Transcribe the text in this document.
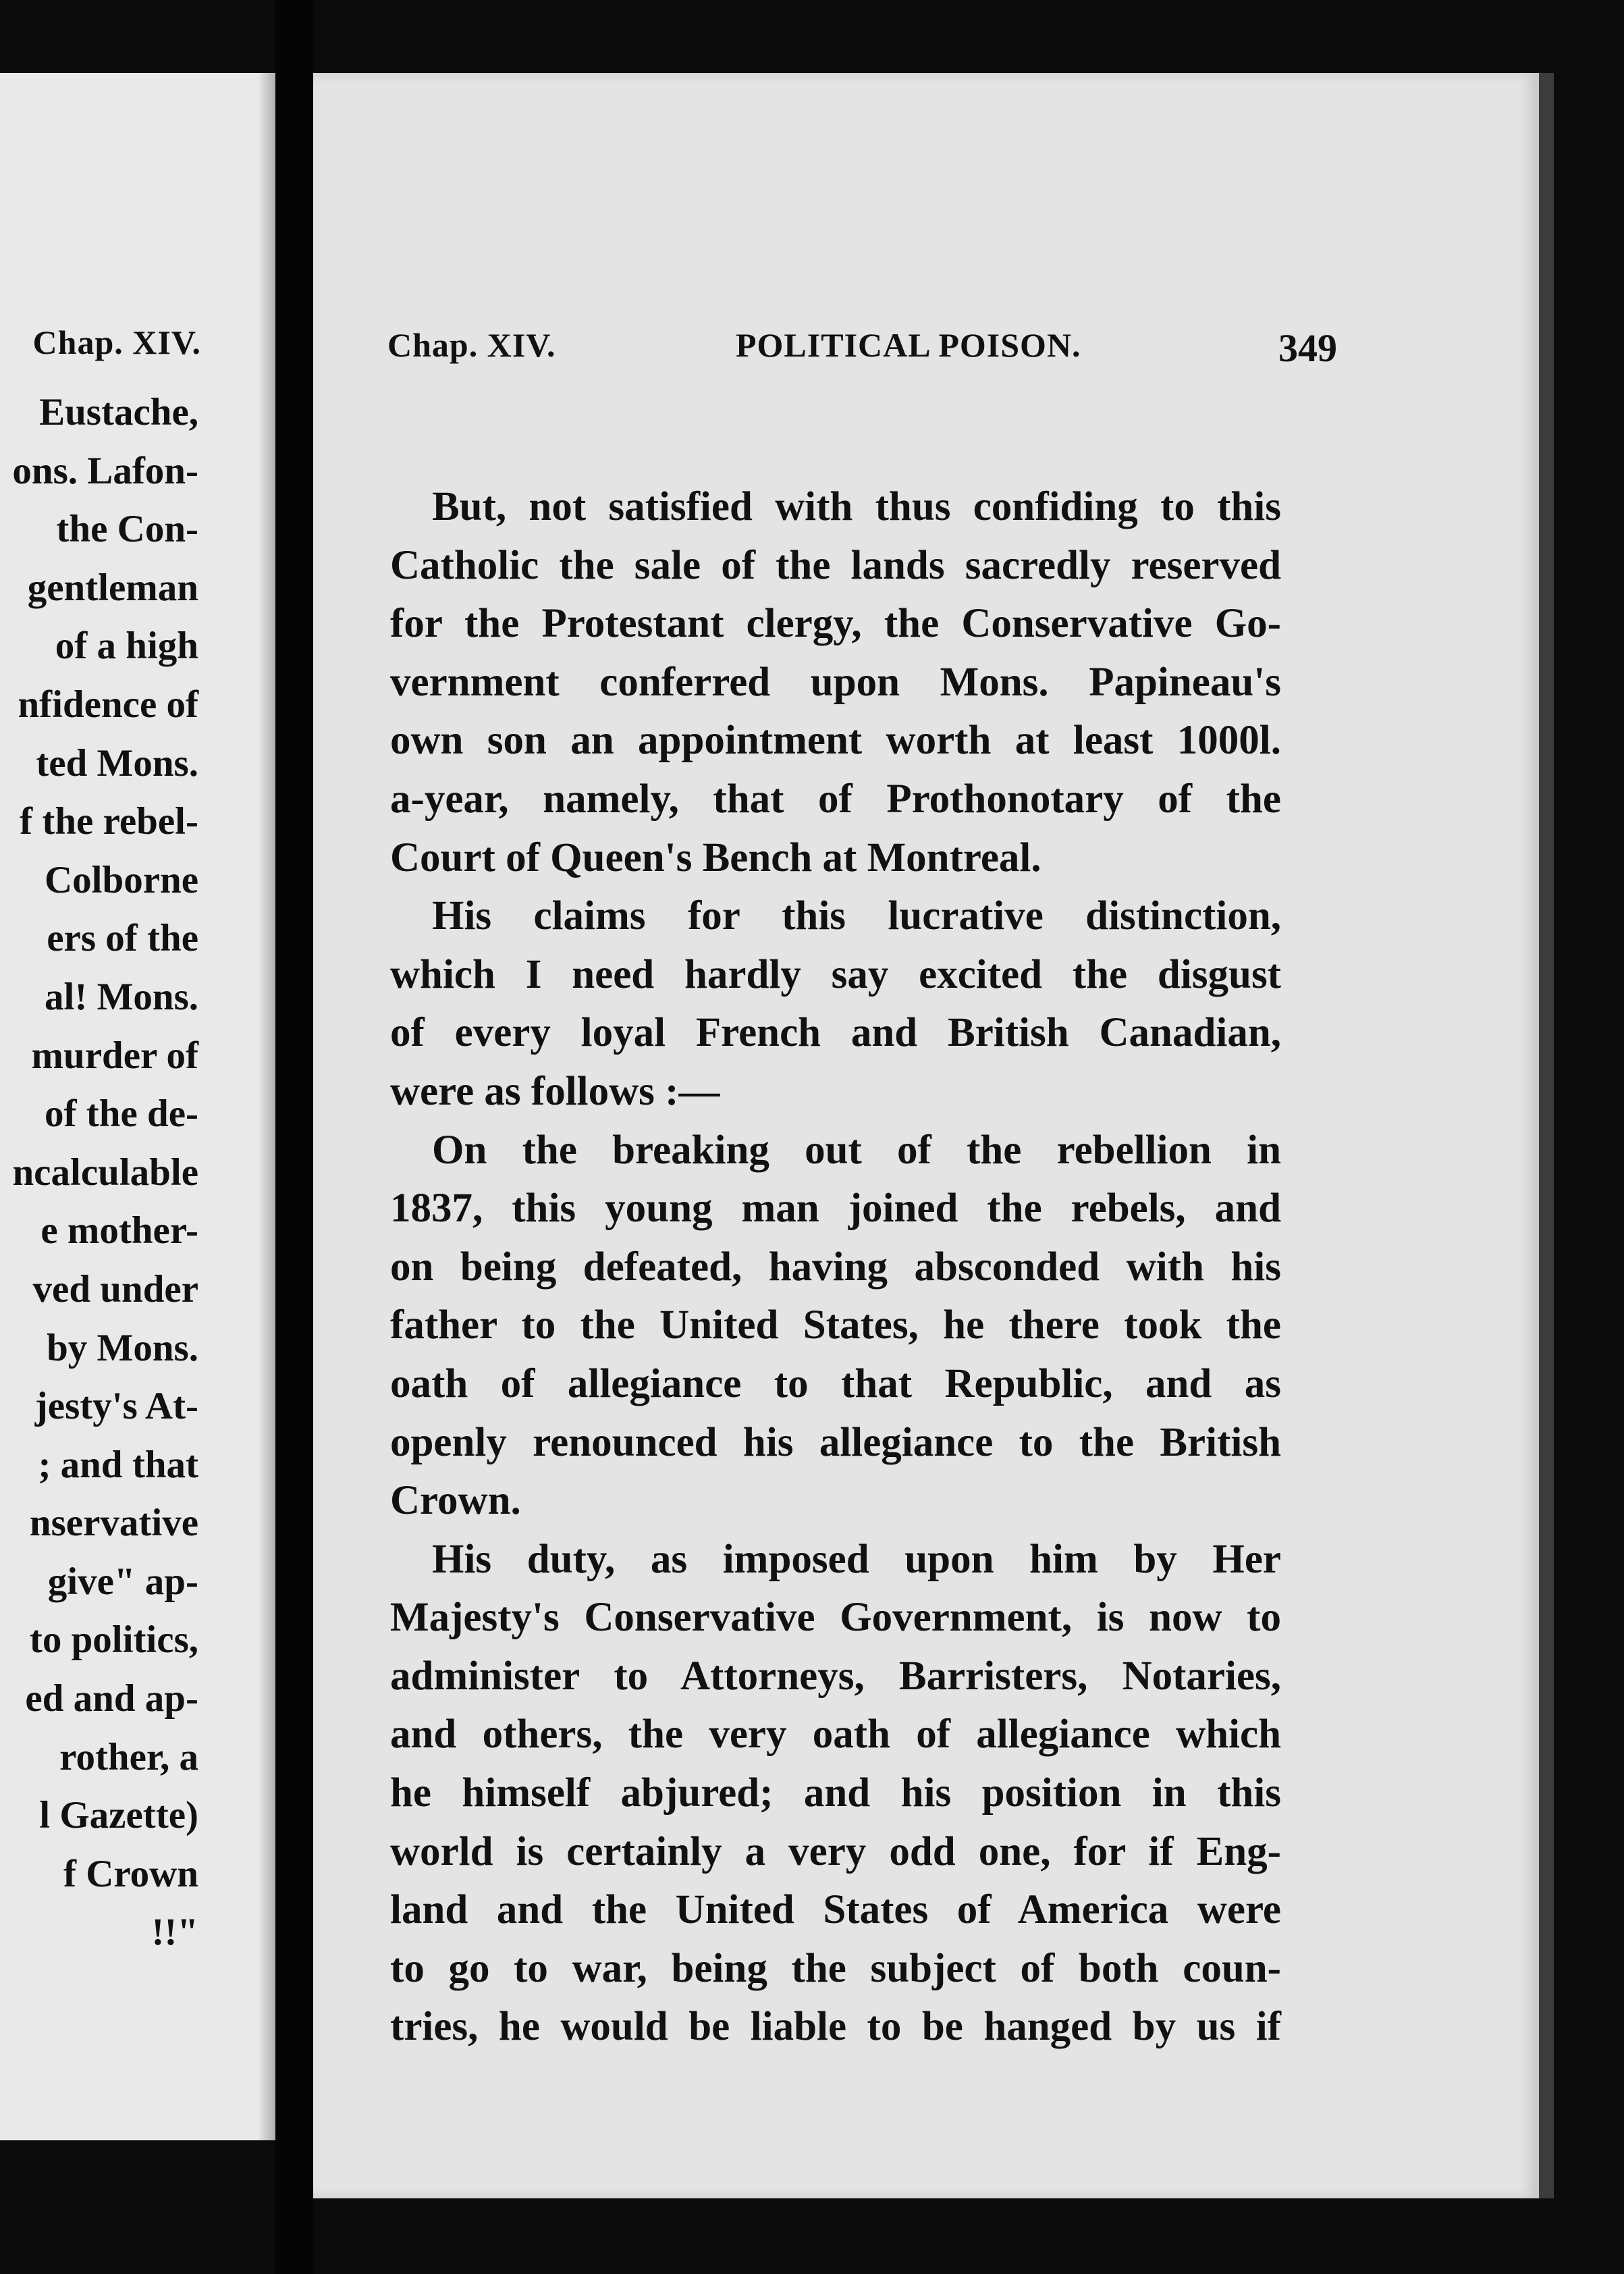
Chap. XIV.
Eustache,
ons. Lafon-
the Con-
gentleman
of a high
nfidence of
ted Mons.
f the rebel-
Colborne
ers of the
al! Mons.
murder of
of the de-
ncalculable
e mother-
ved under
by Mons.
jesty's At-
; and that
nservative
give" ap-
to politics,
ed and ap-
rother, a
l Gazette)
f Crown
!!"
Chap. XIV.	POLITICAL POISON.	349
But, not satisfied with thus confiding to this
Catholic the sale of the lands sacredly reserved
for the Protestant clergy, the Conservative Go-
vernment conferred upon Mons. Papineau's
own son an appointment worth at least 1000l.
a-year, namely, that of Prothonotary of the
Court of Queen's Bench at Montreal.
His claims for this lucrative distinction,
which I need hardly say excited the disgust
of every loyal French and British Canadian,
were as follows :—
On the breaking out of the rebellion in
1837, this young man joined the rebels, and
on being defeated, having absconded with his
father to the United States, he there took the
oath of allegiance to that Republic, and as
openly renounced his allegiance to the British
Crown.
His duty, as imposed upon him by Her
Majesty's Conservative Government, is now to
administer to Attorneys, Barristers, Notaries,
and others, the very oath of allegiance which
he himself abjured; and his position in this
world is certainly a very odd one, for if Eng-
land and the United States of America were
to go to war, being the subject of both coun-
tries, he would be liable to be hanged by us if
